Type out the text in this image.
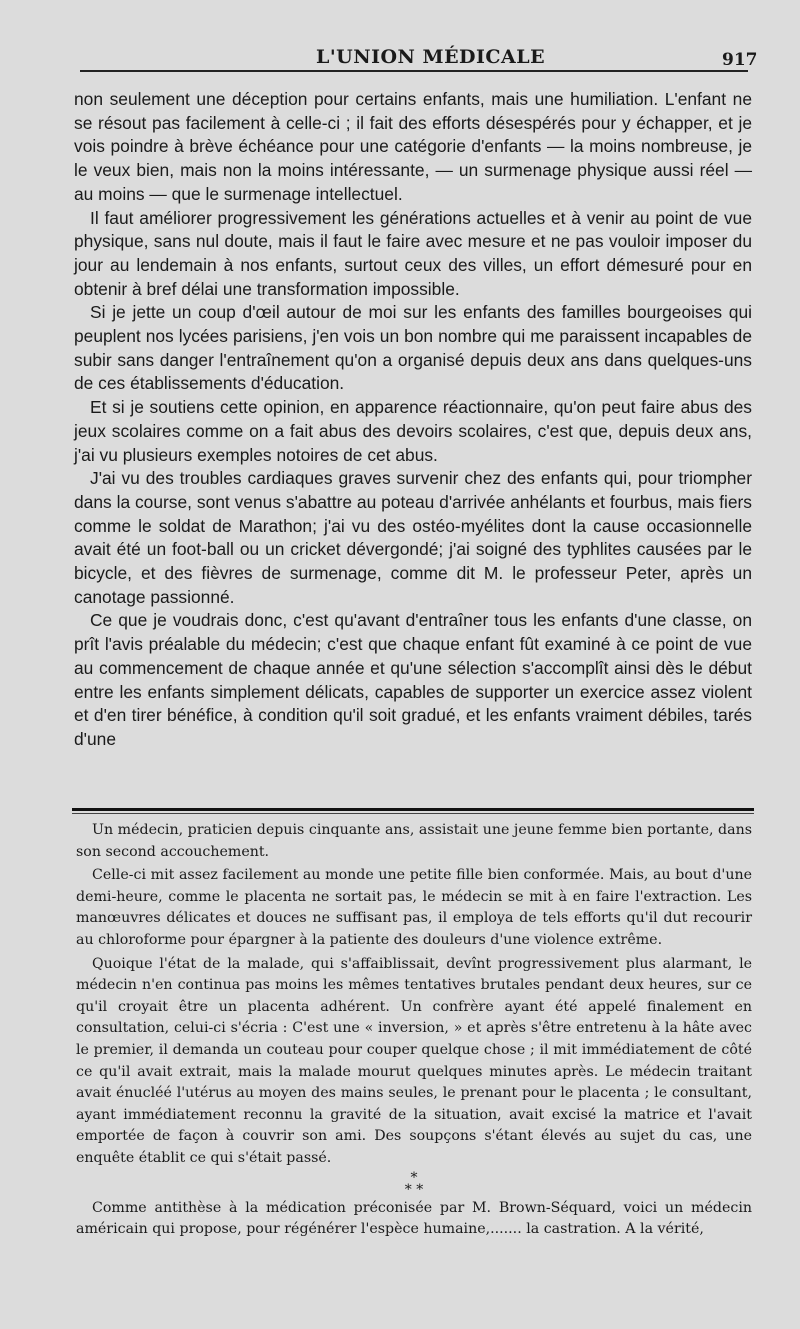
L'UNION MÉDICALE	917

non seulement une déception pour certains enfants, mais une humiliation. L'enfant ne se résout pas facilement à celle-ci ; il fait des efforts désespérés pour y échapper, et je vois poindre à brève échéance pour une catégorie d'enfants — la moins nombreuse, je le veux bien, mais non la moins intéressante, — un surmenage physique aussi réel — au moins — que le surmenage intellectuel.

Il faut améliorer progressivement les générations actuelles et à venir au point de vue physique, sans nul doute, mais il faut le faire avec mesure et ne pas vouloir imposer du jour au lendemain à nos enfants, surtout ceux des villes, un effort démesuré pour en obtenir à bref délai une transformation impossible.

Si je jette un coup d'œil autour de moi sur les enfants des familles bourgeoises qui peuplent nos lycées parisiens, j'en vois un bon nombre qui me paraissent incapables de subir sans danger l'entraînement qu'on a organisé depuis deux ans dans quelques-uns de ces établissements d'éducation.

Et si je soutiens cette opinion, en apparence réactionnaire, qu'on peut faire abus des jeux scolaires comme on a fait abus des devoirs scolaires, c'est que, depuis deux ans, j'ai vu plusieurs exemples notoires de cet abus.

J'ai vu des troubles cardiaques graves survenir chez des enfants qui, pour triompher dans la course, sont venus s'abattre au poteau d'arrivée anhélants et fourbus, mais fiers comme le soldat de Marathon; j'ai vu des ostéo-myélites dont la cause occasionnelle avait été un foot-ball ou un cricket dévergondé; j'ai soigné des typhlites causées par le bicycle, et des fièvres de surmenage, comme dit M. le professeur Peter, après un canotage passionné.

Ce que je voudrais donc, c'est qu'avant d'entraîner tous les enfants d'une classe, on prît l'avis préalable du médecin; c'est que chaque enfant fût examiné à ce point de vue au commencement de chaque année et qu'une sélection s'accomplît ainsi dès le début entre les enfants simplement délicats, capables de supporter un exercice assez violent et d'en tirer bénéfice, à condition qu'il soit gradué, et les enfants vraiment débiles, tarés d'une

Un médecin, praticien depuis cinquante ans, assistait une jeune femme bien portante, dans son second accouchement.

Celle-ci mit assez facilement au monde une petite fille bien conformée. Mais, au bout d'une demi-heure, comme le placenta ne sortait pas, le médecin se mit à en faire l'extraction. Les manœuvres délicates et douces ne suffisant pas, il employa de tels efforts qu'il dut recourir au chloroforme pour épargner à la patiente des douleurs d'une violence extrême.

Quoique l'état de la malade, qui s'affaiblissait, devînt progressivement plus alarmant, le médecin n'en continua pas moins les mêmes tentatives brutales pendant deux heures, sur ce qu'il croyait être un placenta adhérent. Un confrère ayant été appelé finalement en consultation, celui-ci s'écria : C'est une « inversion, » et après s'être entretenu à la hâte avec le premier, il demanda un couteau pour couper quelque chose ; il mit immédiatement de côté ce qu'il avait extrait, mais la malade mourut quelques minutes après. Le médecin traitant avait énucléé l'utérus au moyen des mains seules, le prenant pour le placenta ; le consultant, ayant immédiatement reconnu la gravité de la situation, avait excisé la matrice et l'avait emportée de façon à couvrir son ami. Des soupçons s'étant élevés au sujet du cas, une enquête établit ce qui s'était passé.

*
* *

Comme antithèse à la médication préconisée par M. Brown-Séquard, voici un médecin américain qui propose, pour régénérer l'espèce humaine,....... la castration. A la vérité,
